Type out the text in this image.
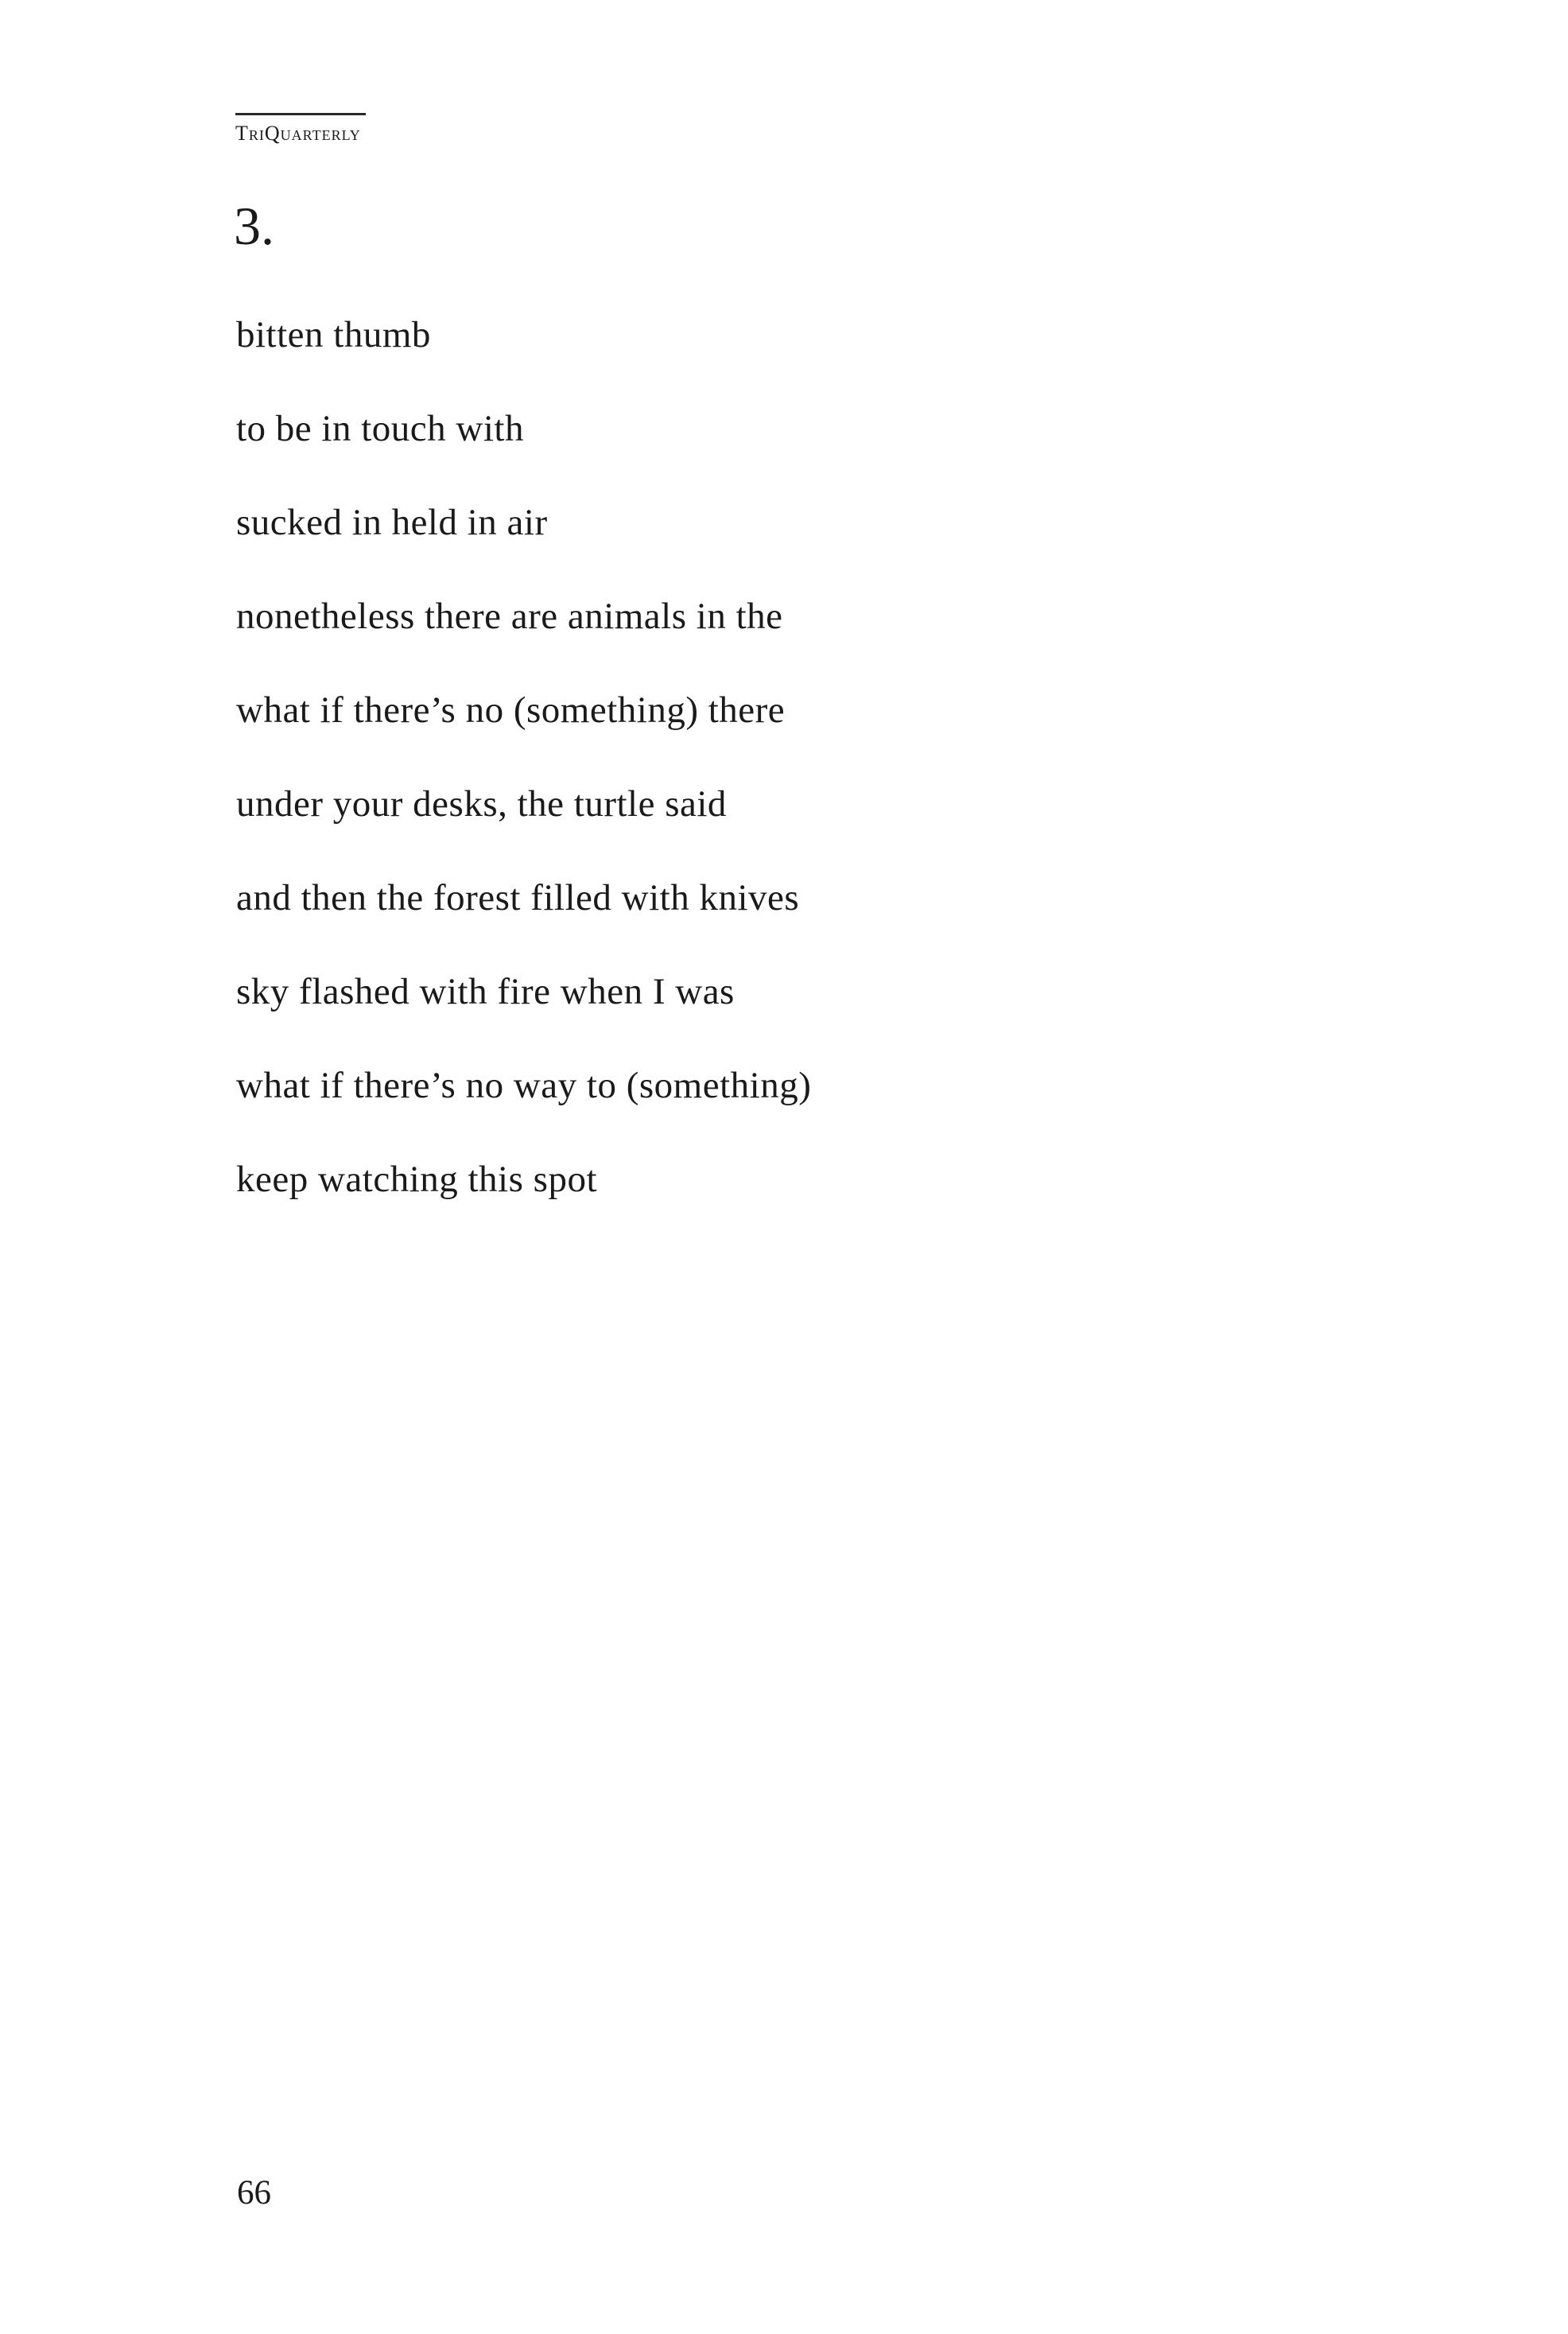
TriQuarterly
3.
bitten thumb
to be in touch with
sucked in held in air
nonetheless there are animals in the
what if there’s no (something) there
under your desks, the turtle said
and then the forest filled with knives
sky flashed with fire when I was
what if there’s no way to (something)
keep watching this spot
66
